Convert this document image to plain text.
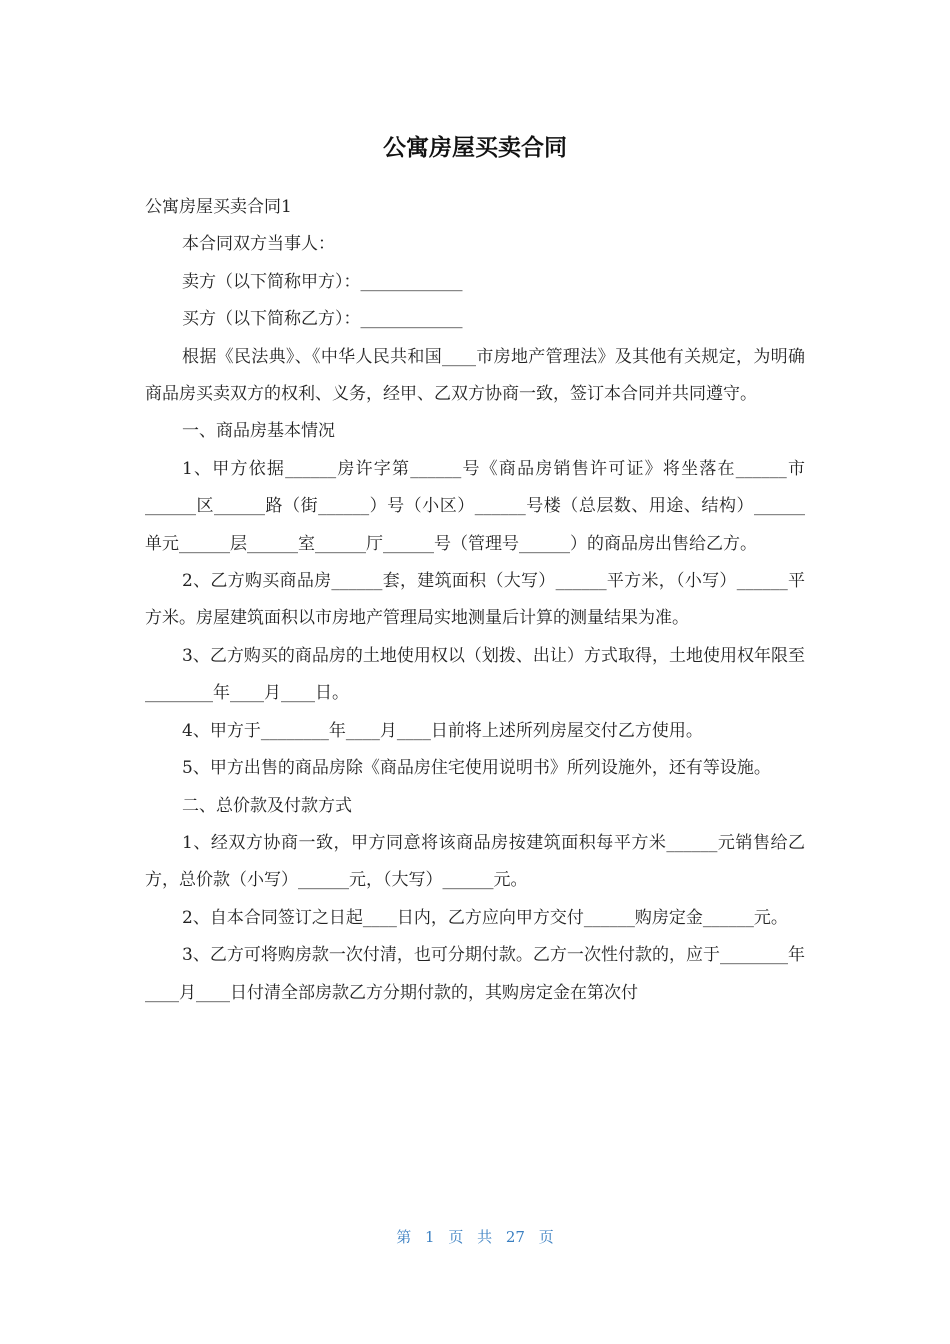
公寓房屋买卖合同

公寓房屋买卖合同1

本合同双方当事人：

卖方（以下简称甲方）：____________

买方（以下简称乙方）：____________

根据《民法典》、《中华人民共和国____市房地产管理法》及其他有关规定，为明确商品房买卖双方的权利、义务，经甲、乙双方协商一致，签订本合同并共同遵守。

一、商品房基本情况

1、甲方依据______房许字第______号《商品房销售许可证》将坐落在______市______区______路（街______）号（小区）______号楼（总层数、用途、结构）______单元______层______室______厅______号（管理号______）的商品房出售给乙方。

2、乙方购买商品房______套，建筑面积（大写）______平方米，（小写）______平方米。房屋建筑面积以市房地产管理局实地测量后计算的测量结果为准。

3、乙方购买的商品房的土地使用权以（划拨、出让）方式取得，土地使用权年限至________年____月____日。

4、甲方于________年____月____日前将上述所列房屋交付乙方使用。

5、甲方出售的商品房除《商品房住宅使用说明书》所列设施外，还有等设施。

二、总价款及付款方式

1、经双方协商一致，甲方同意将该商品房按建筑面积每平方米______元销售给乙方，总价款（小写）______元，（大写）______元。

2、自本合同签订之日起____日内，乙方应向甲方交付______购房定金______元。

3、乙方可将购房款一次付清，也可分期付款。乙方一次性付款的，应于________年____月____日付清全部房款乙方分期付款的，其购房定金在第次付

第 1 页 共 27 页
